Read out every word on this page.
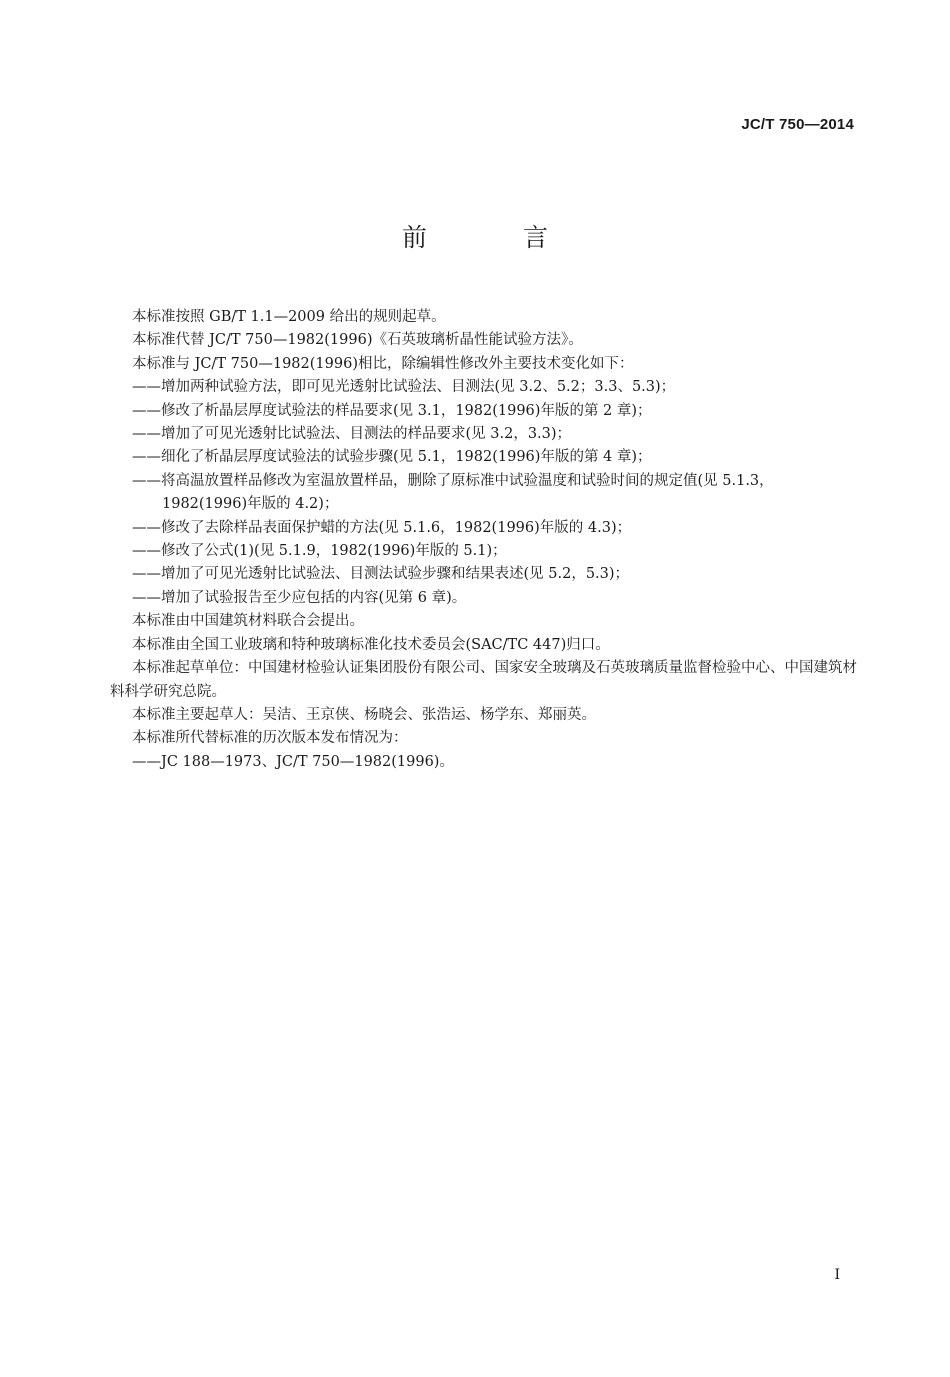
JC/T 750—2014
前 言
本标准按照 GB/T 1.1—2009 给出的规则起草。
本标准代替 JC/T 750—1982(1996)《石英玻璃析晶性能试验方法》。
本标准与 JC/T 750—1982(1996)相比，除编辑性修改外主要技术变化如下：
——增加两种试验方法，即可见光透射比试验法、目测法(见 3.2、5.2；3.3、5.3)；
——修改了析晶层厚度试验法的样品要求(见 3.1，1982(1996)年版的第 2 章)；
——增加了可见光透射比试验法、目测法的样品要求(见 3.2，3.3)；
——细化了析晶层厚度试验法的试验步骤(见 5.1，1982(1996)年版的第 4 章)；
——将高温放置样品修改为室温放置样品，删除了原标准中试验温度和试验时间的规定值(见 5.1.3，1982(1996)年版的 4.2)；
——修改了去除样品表面保护蜡的方法(见 5.1.6，1982(1996)年版的 4.3)；
——修改了公式(1)(见 5.1.9，1982(1996)年版的 5.1)；
——增加了可见光透射比试验法、目测法试验步骤和结果表述(见 5.2，5.3)；
——增加了试验报告至少应包括的内容(见第 6 章)。
本标准由中国建筑材料联合会提出。
本标准由全国工业玻璃和特种玻璃标准化技术委员会(SAC/TC 447)归口。
本标准起草单位：中国建材检验认证集团股份有限公司、国家安全玻璃及石英玻璃质量监督检验中心、中国建筑材料科学研究总院。
本标准主要起草人：吴洁、王京侠、杨晓会、张浩运、杨学东、郑丽英。
本标准所代替标准的历次版本发布情况为：
——JC 188—1973、JC/T 750—1982(1996)。
I
